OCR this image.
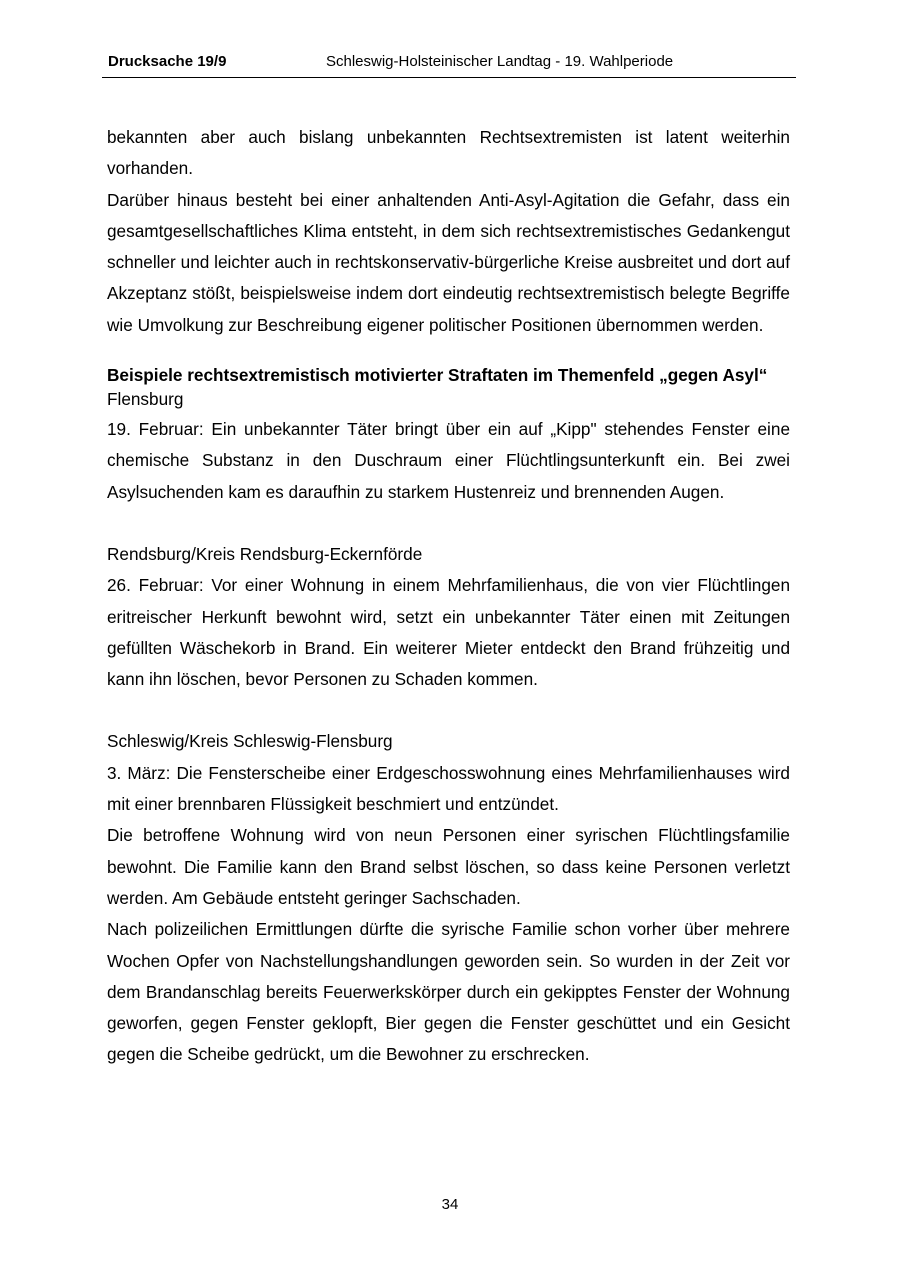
Drucksache 19/9	Schleswig-Holsteinischer Landtag - 19. Wahlperiode

bekannten aber auch bislang unbekannten Rechtsextremisten ist latent weiterhin vorhanden.

Darüber hinaus besteht bei einer anhaltenden Anti-Asyl-Agitation die Gefahr, dass ein gesamtgesellschaftliches Klima entsteht, in dem sich rechtsextremistisches Gedankengut schneller und leichter auch in rechtskonservativ-bürgerliche Kreise ausbreitet und dort auf Akzeptanz stößt, beispielsweise indem dort eindeutig rechtsextremistisch belegte Begriffe wie Umvolkung zur Beschreibung eigener politischer Positionen übernommen werden.

Beispiele rechtsextremistisch motivierter Straftaten im Themenfeld „gegen Asyl“

Flensburg

19. Februar: Ein unbekannter Täter bringt über ein auf „Kipp" stehendes Fenster eine chemische Substanz in den Duschraum einer Flüchtlingsunterkunft ein. Bei zwei Asylsuchenden kam es daraufhin zu starkem Hustenreiz und brennenden Augen.

Rendsburg/Kreis Rendsburg-Eckernförde

26. Februar: Vor einer Wohnung in einem Mehrfamilienhaus, die von vier Flüchtlingen eritreischer Herkunft bewohnt wird, setzt ein unbekannter Täter einen mit Zeitungen gefüllten Wäschekorb in Brand. Ein weiterer Mieter entdeckt den Brand frühzeitig und kann ihn löschen, bevor Personen zu Schaden kommen.

Schleswig/Kreis Schleswig-Flensburg

3. März: Die Fensterscheibe einer Erdgeschosswohnung eines Mehrfamilienhauses wird mit einer brennbaren Flüssigkeit beschmiert und entzündet.

Die betroffene Wohnung wird von neun Personen einer syrischen Flüchtlingsfamilie bewohnt. Die Familie kann den Brand selbst löschen, so dass keine Personen verletzt werden. Am Gebäude entsteht geringer Sachschaden.

Nach polizeilichen Ermittlungen dürfte die syrische Familie schon vorher über mehrere Wochen Opfer von Nachstellungshandlungen geworden sein. So wurden in der Zeit vor dem Brandanschlag bereits Feuerwerkskörper durch ein gekipptes Fenster der Wohnung geworfen, gegen Fenster geklopft, Bier gegen die Fenster geschüttet und ein Gesicht gegen die Scheibe gedrückt, um die Bewohner zu erschrecken.

34
